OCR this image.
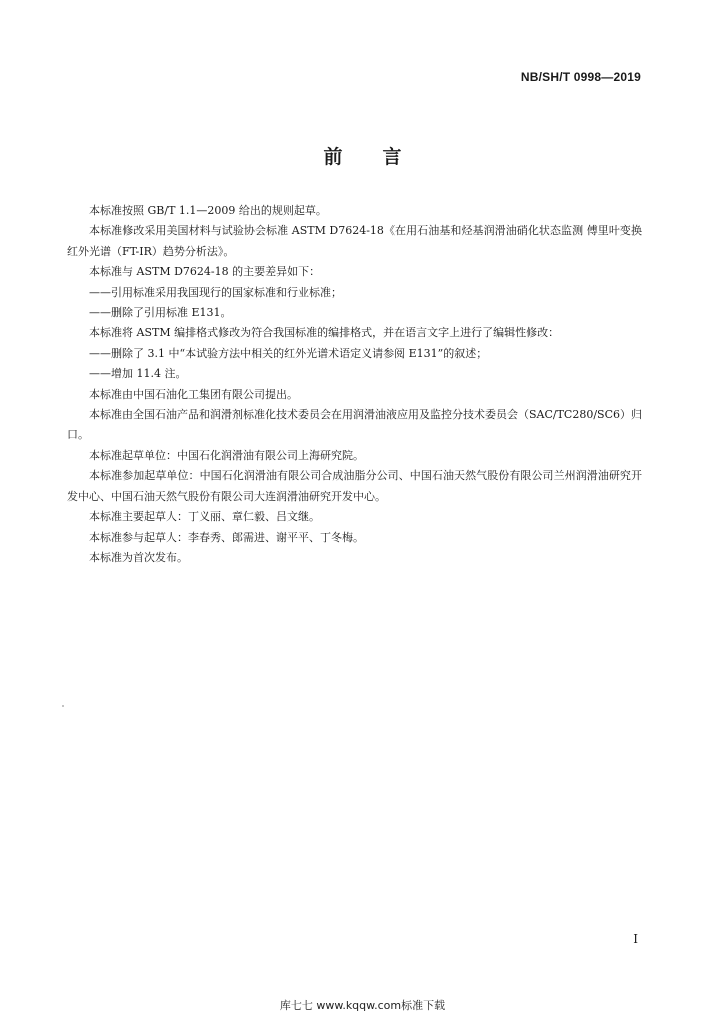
NB/SH/T 0998—2019
前言

本标准按照 GB/T 1.1—2009 给出的规则起草。

本标准修改采用美国材料与试验协会标准 ASTM D7624-18《在用石油基和烃基润滑油硝化状态监测 傅里叶变换红外光谱（FT-IR）趋势分析法》。

本标准与 ASTM D7624-18 的主要差异如下：

——引用标准采用我国现行的国家标准和行业标准；

——删除了引用标准 E131。

本标准将 ASTM 编排格式修改为符合我国标准的编排格式，并在语言文字上进行了编辑性修改：

——删除了 3.1 中“本试验方法中相关的红外光谱术语定义请参阅 E131”的叙述；

——增加 11.4 注。

本标准由中国石油化工集团有限公司提出。

本标准由全国石油产品和润滑剂标准化技术委员会在用润滑油液应用及监控分技术委员会（SAC/TC280/SC6）归口。

本标准起草单位：中国石化润滑油有限公司上海研究院。

本标准参加起草单位：中国石化润滑油有限公司合成油脂分公司、中国石油天然气股份有限公司兰州润滑油研究开发中心、中国石油天然气股份有限公司大连润滑油研究开发中心。

本标准主要起草人：丁义丽、章仁毅、吕文继。

本标准参与起草人：李春秀、郎需进、谢平平、丁冬梅。

本标准为首次发布。

I
库七七 www.kqqw.com标准下载
